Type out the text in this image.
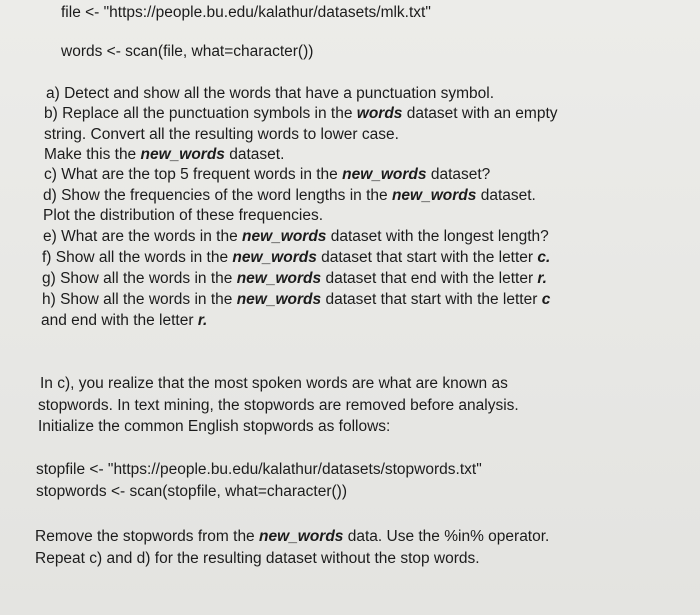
file <- "https://people.bu.edu/kalathur/datasets/mlk.txt"
words <- scan(file, what=character())
a) Detect and show all the words that have a punctuation symbol.
b) Replace all the punctuation symbols in the words dataset with an empty
string. Convert all the resulting words to lower case.
Make this the new_words dataset.
c) What are the top 5 frequent words in the new_words dataset?
d) Show the frequencies of the word lengths in the new_words dataset.
Plot the distribution of these frequencies.
e) What are the words in the new_words dataset with the longest length?
f) Show all the words in the new_words dataset that start with the letter c.
g) Show all the words in the new_words dataset that end with the letter r.
h) Show all the words in the new_words dataset that start with the letter c
and end with the letter r.
In c), you realize that the most spoken words are what are known as
stopwords. In text mining, the stopwords are removed before analysis.
Initialize the common English stopwords as follows:
stopfile <- "https://people.bu.edu/kalathur/datasets/stopwords.txt"
stopwords <- scan(stopfile, what=character())
Remove the stopwords from the new_words data. Use the %in% operator.
Repeat c) and d) for the resulting dataset without the stop words.
